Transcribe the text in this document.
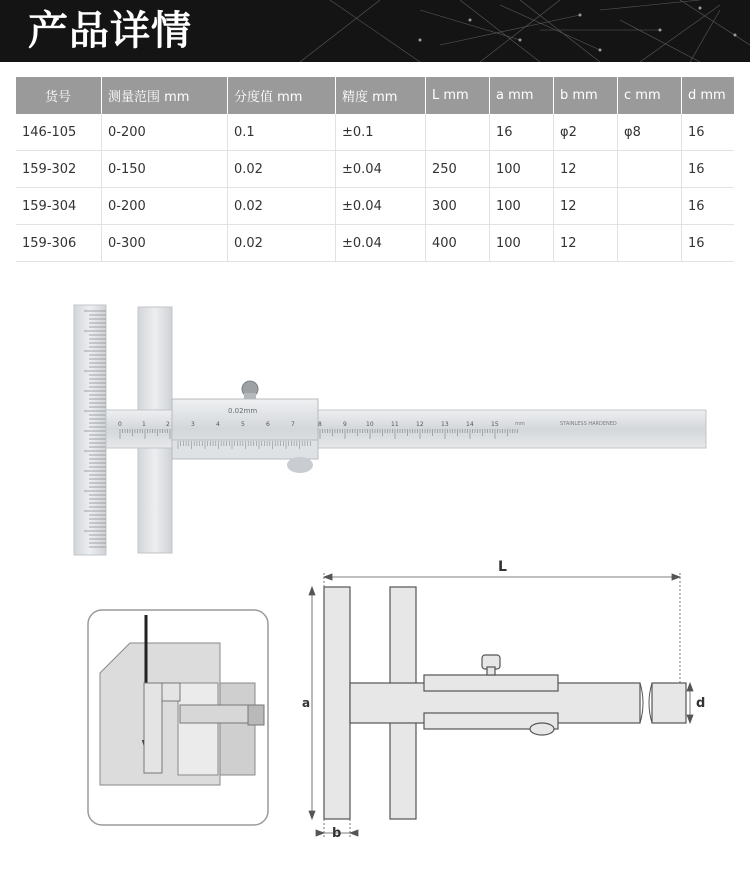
产品详情
货号	测量范围 mm	分度值 mm	精度 mm	L mm	a mm	b mm	c mm	d mm
146-105	0-200	0.1	±0.1		16	φ2	φ8	16
159-302	0-150	0.02	±0.04	250	100	12		16
159-304	0-200	0.02	±0.04	300	100	12		16
159-306	0-300	0.02	±0.04	400	100	12		16
0.02mm
STAINLESS HARDENED
mm
0	1	2	3	4	5	6	7	8	9	10	11	12	13	14	15
L
a
b
d
